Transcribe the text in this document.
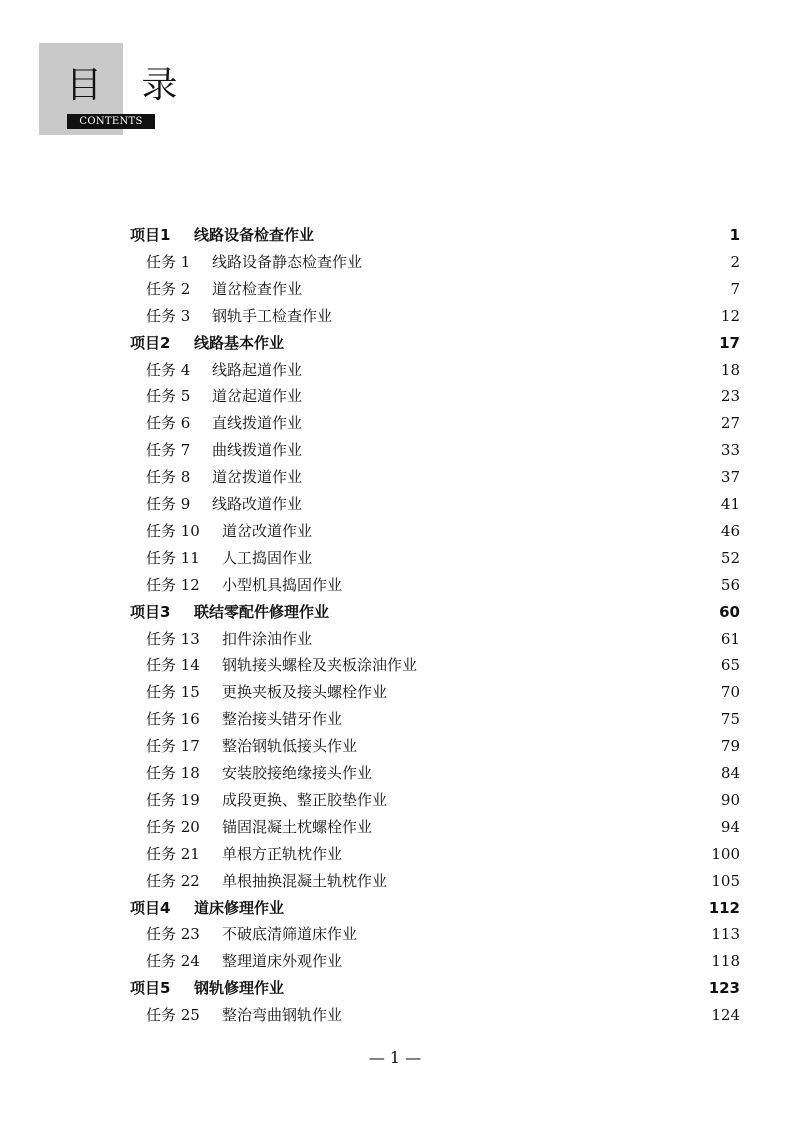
目 录
CONTENTS
项目1	线路设备检查作业	1
任务 1	线路设备静态检查作业	2
任务 2	道岔检查作业	7
任务 3	钢轨手工检查作业	12
项目2	线路基本作业	17
任务 4	线路起道作业	18
任务 5	道岔起道作业	23
任务 6	直线拨道作业	27
任务 7	曲线拨道作业	33
任务 8	道岔拨道作业	37
任务 9	线路改道作业	41
任务 10	道岔改道作业	46
任务 11	人工捣固作业	52
任务 12	小型机具捣固作业	56
项目3	联结零配件修理作业	60
任务 13	扣件涂油作业	61
任务 14	钢轨接头螺栓及夹板涂油作业	65
任务 15	更换夹板及接头螺栓作业	70
任务 16	整治接头错牙作业	75
任务 17	整治钢轨低接头作业	79
任务 18	安装胶接绝缘接头作业	84
任务 19	成段更换、整正胶垫作业	90
任务 20	锚固混凝土枕螺栓作业	94
任务 21	单根方正轨枕作业	100
任务 22	单根抽换混凝土轨枕作业	105
项目4	道床修理作业	112
任务 23	不破底清筛道床作业	113
任务 24	整理道床外观作业	118
项目5	钢轨修理作业	123
任务 25	整治弯曲钢轨作业	124
— 1 —
